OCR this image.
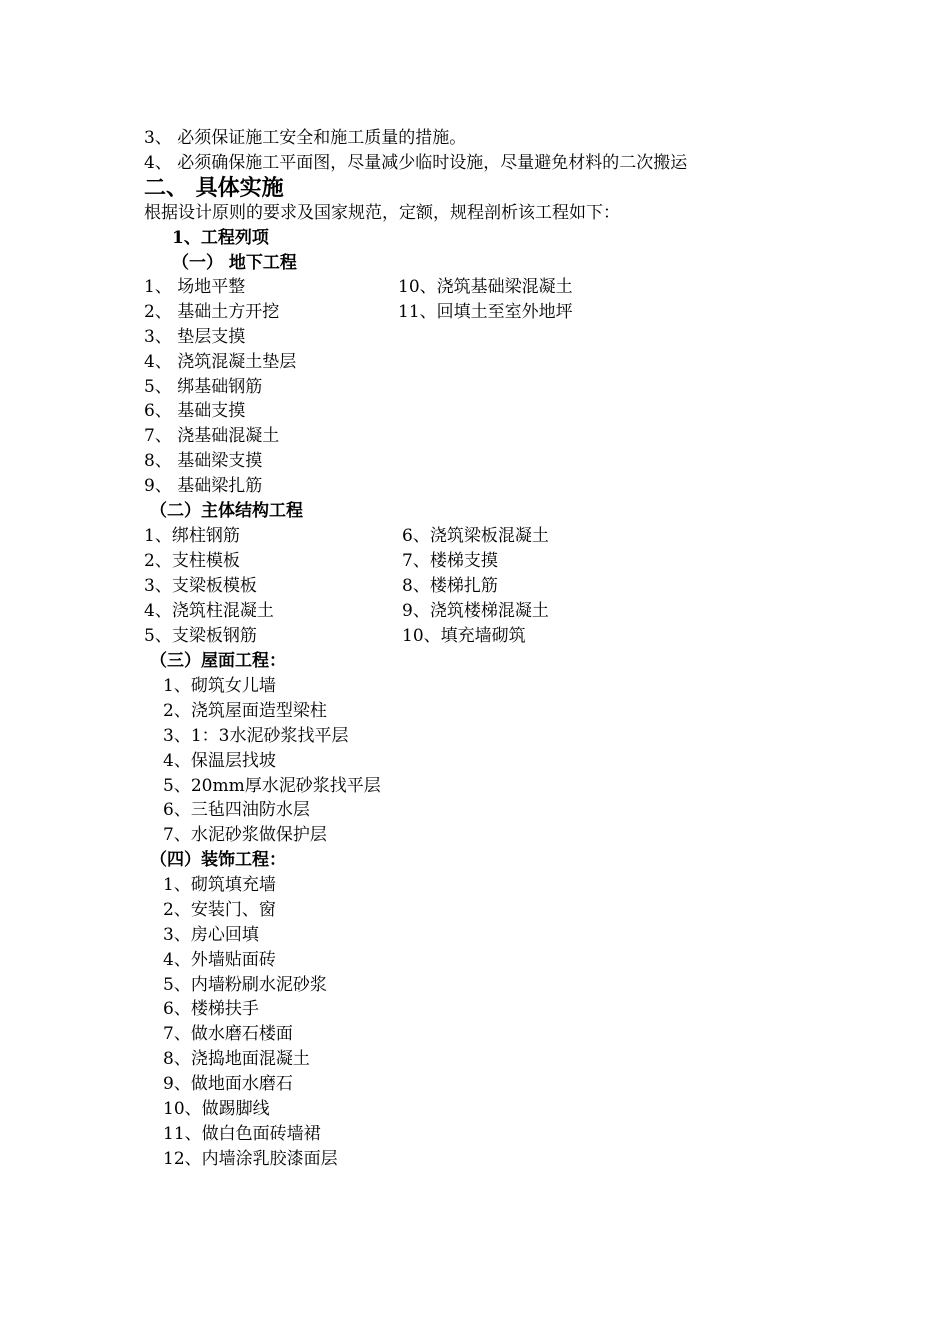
3、 必须保证施工安全和施工质量的措施。
4、 必须确保施工平面图，尽量减少临时设施，尽量避免材料的二次搬运
二、 具体实施
根据设计原则的要求及国家规范，定额，规程剖析该工程如下：
1、工程列项
（一） 地下工程
1、 场地平整
2、 基础土方开挖
3、 垫层支摸
4、 浇筑混凝土垫层
5、 绑基础钢筋
6、 基础支摸
7、 浇基础混凝土
8、 基础梁支摸
9、 基础梁扎筋
10、浇筑基础梁混凝土
11、回填土至室外地坪
（二）主体结构工程
1、绑柱钢筋
2、支柱模板
3、支梁板模板
4、浇筑柱混凝土
5、支梁板钢筋
6、浇筑梁板混凝土
7、楼梯支摸
8、楼梯扎筋
9、浇筑楼梯混凝土
10、填充墙砌筑
（三）屋面工程：
1、砌筑女儿墙
2、浇筑屋面造型梁柱
3、1：3水泥砂浆找平层
4、保温层找坡
5、20mm厚水泥砂浆找平层
6、三毡四油防水层
7、水泥砂浆做保护层
（四）装饰工程：
1、砌筑填充墙
2、安装门、窗
3、房心回填
4、外墙贴面砖
5、内墙粉刷水泥砂浆
6、楼梯扶手
7、做水磨石楼面
8、浇捣地面混凝土
9、做地面水磨石
10、做踢脚线
11、做白色面砖墙裙
12、内墙涂乳胶漆面层
